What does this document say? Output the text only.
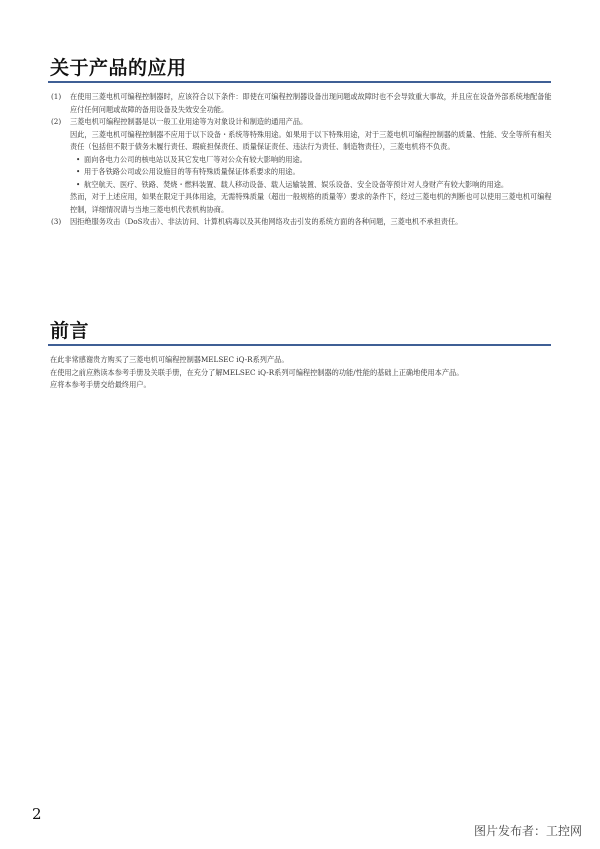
关于产品的应用
(1) 在使用三菱电机可编程控制器时，应该符合以下条件：即使在可编程控制器设备出现问题或故障时也不会导致重大事故，并且应在设备外部系统地配备能应付任何问题或故障的备用设备及失效安全功能。
(2) 三菱电机可编程控制器是以一般工业用途等为对象设计和制造的通用产品。
因此，三菱电机可编程控制器不应用于以下设备・系统等特殊用途。如果用于以下特殊用途，对于三菱电机可编程控制器的质量、性能、安全等所有相关责任（包括但不限于债务未履行责任、瑕疵担保责任、质量保证责任、违法行为责任、制造物责任），三菱电机将不负责。
• 面向各电力公司的核电站以及其它发电厂等对公众有较大影响的用途。
• 用于各铁路公司或公用设施目的等有特殊质量保证体系要求的用途。
• 航空航天、医疗、铁路、焚烧・燃料装置、载人移动设备、载人运输装置、娱乐设备、安全设备等预计对人身财产有较大影响的用途。
然而，对于上述应用，如果在限定于具体用途，无需特殊质量（超出一般规格的质量等）要求的条件下，经过三菱电机的判断也可以使用三菱电机可编程控制，详细情况请与当地三菱电机代表机构协商。
(3) 因拒绝服务攻击（DoS攻击）、非法访问、计算机病毒以及其他网络攻击引发的系统方面的各种问题，三菱电机不承担责任。
前言
在此非常感谢贵方购买了三菱电机可编程控制器MELSEC iQ-R系列产品。
在使用之前应熟读本参考手册及关联手册，在充分了解MELSEC iQ-R系列可编程控制器的功能/性能的基础上正确地使用本产品。
应将本参考手册交给最终用户。
2
图片发布者：工控网
